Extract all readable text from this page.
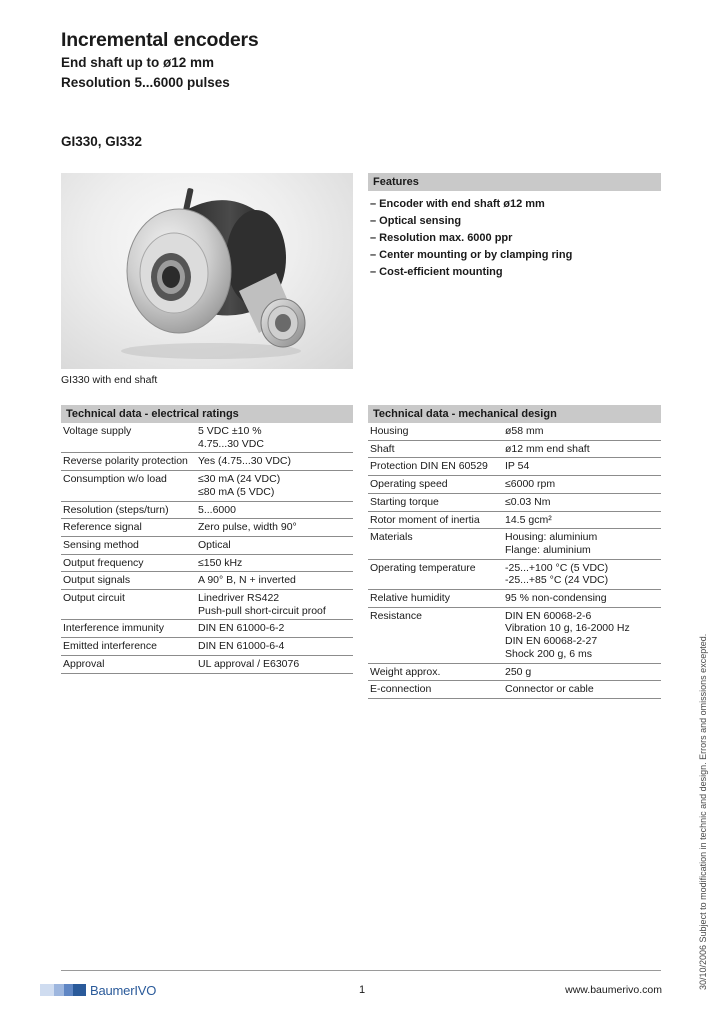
Incremental encoders
End shaft up to ø12 mm
Resolution 5...6000 pulses
GI330, GI332
GI330 with end shaft
Features
– Encoder with end shaft ø12 mm
– Optical sensing
– Resolution max. 6000 ppr
– Center mounting or by clamping ring
– Cost-efficient mounting
Technical data - electrical ratings
Voltage supply	5 VDC ±10 %
4.75...30 VDC

Reverse polarity protection	Yes (4.75...30 VDC)

Consumption w/o load	≤30 mA (24 VDC)
≤80 mA (5 VDC)

Resolution (steps/turn)	5...6000

Reference signal	Zero pulse, width 90°

Sensing method	Optical

Output frequency	≤150 kHz

Output signals	A 90° B, N + inverted

Output circuit	Linedriver RS422
Push-pull short-circuit proof

Interference immunity	DIN EN 61000-6-2

Emitted interference	DIN EN 61000-6-4

Approval	UL approval / E63076
Technical data - mechanical design
Housing	ø58 mm

Shaft	ø12 mm end shaft

Protection DIN EN 60529	IP 54

Operating speed	≤6000 rpm

Starting torque	≤0.03 Nm

Rotor moment of inertia	14.5 gcm²

Materials	Housing: aluminium
Flange: aluminium

Operating temperature	-25...+100 °C (5 VDC)
-25...+85 °C (24 VDC)

Relative humidity	95 % non-condensing

Resistance	DIN EN 60068-2-6
Vibration 10 g, 16-2000 Hz
DIN EN 60068-2-27
Shock 200 g, 6 ms

Weight approx.	250 g

E-connection	Connector or cable
BaumerIVO	1	www.baumerivo.com	30/10/2006 Subject to modification in technic and design. Errors and omissions excepted.
